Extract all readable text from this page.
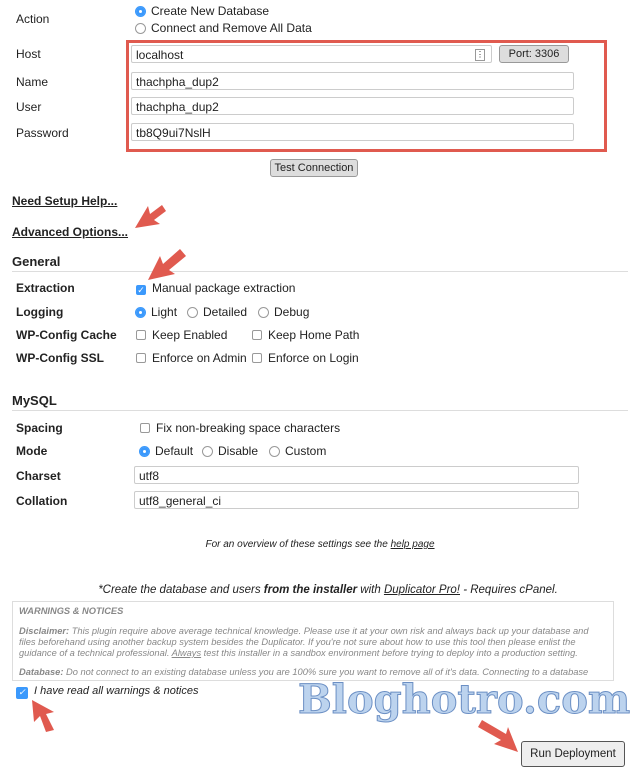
Action
Create New Database
Connect and Remove All Data
Host	localhost	⋮	Port: 3306
Name	thachpha_dup2
User	thachpha_dup2
Password	tb8Q9ui7NslH
Test Connection
Need Setup Help...
Advanced Options...
General
Extraction	✓ Manual package extraction
Logging	Light	Detailed	Debug
WP-Config Cache	Keep Enabled	Keep Home Path
WP-Config SSL	Enforce on Admin	Enforce on Login
MySQL
Spacing	Fix non-breaking space characters
Mode	Default	Disable	Custom
Charset	utf8
Collation	utf8_general_ci
For an overview of these settings see the help page
*Create the database and users from the installer with Duplicator Pro! - Requires cPanel.
WARNINGS & NOTICES
Disclaimer: This plugin require above average technical knowledge. Please use it at your own risk and always back up your database and files beforehand using another backup system besides the Duplicator. If you're not sure about how to use this tool then please enlist the guidance of a technical professional. Always test this installer in a sandbox environment before trying to deploy into a production setting.
Database: Do not connect to an existing database unless you are 100% sure you want to remove all of it's data. Connecting to a database
✓ I have read all warnings & notices Bloghotro.com
Run Deployment
